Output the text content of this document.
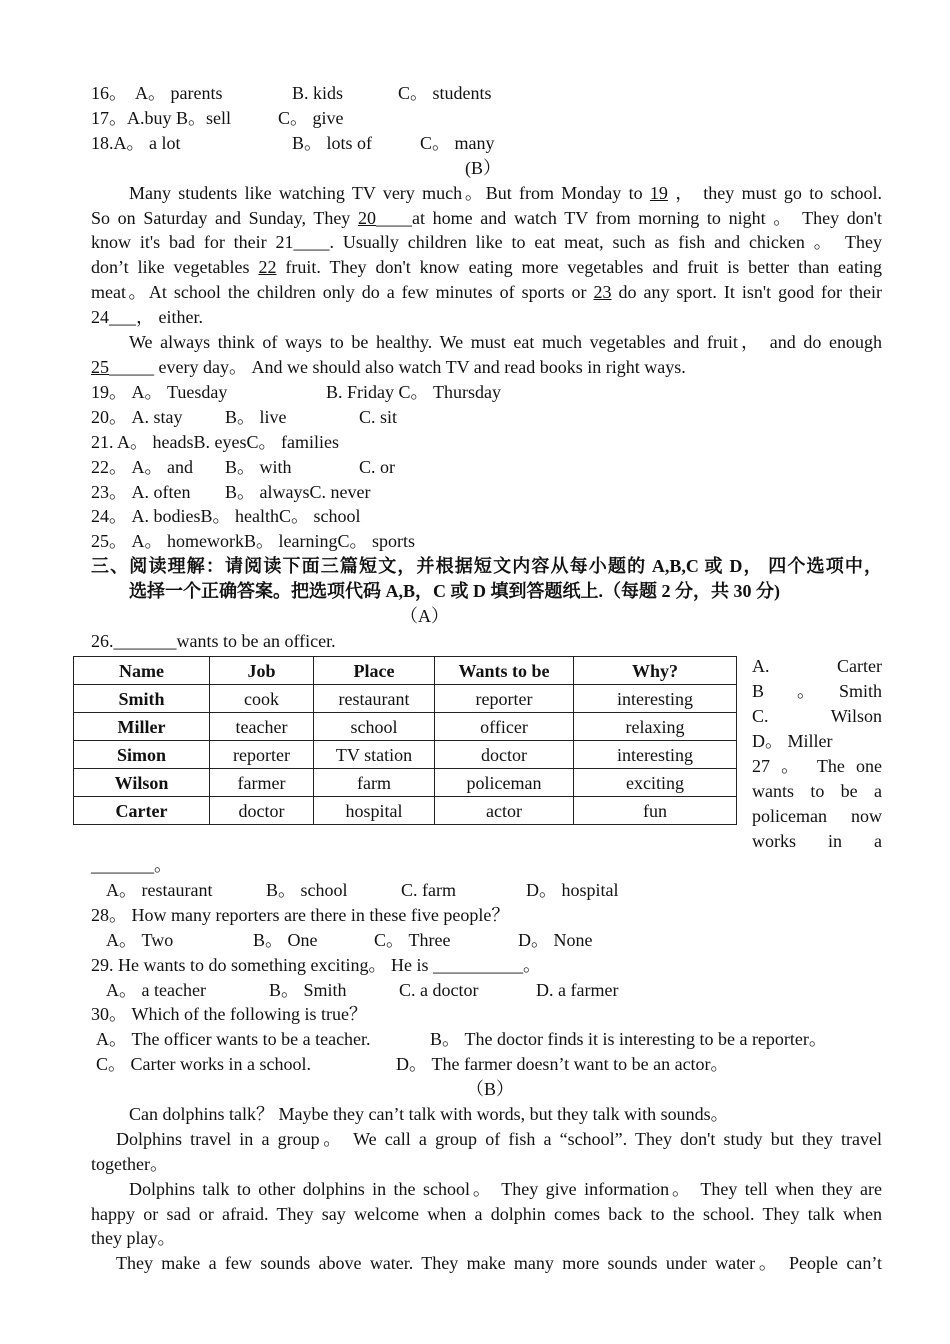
16。 A。 parents	B. kids	C。 students
17。A.buy B。sell	C。 give
18.A。 a lot	B。 lots of	C。 many
(B）
Many students like watching TV very much。But from Monday to 19 ， they must go to school.
So on Saturday and Sunday, They 20____at home and watch TV from morning to night 。 They don't
know it's bad for their 21____. Usually children like to eat meat, such as fish and chicken 。 They
don’t like vegetables 22 fruit. They don't know eating more vegetables and fruit is better than eating
meat。At school the children only do a few minutes of sports or 23 do any sport. It isn't good for their
24___， either.
We always think of ways to be healthy. We must eat much vegetables and fruit， and do enough
25_____ every day。 And we should also watch TV and read books in right ways.
19。 A。 Tuesday	B. Friday C。 Thursday
20。 A. stay B。 live	C. sit
21. A。 headsB. eyesC。 families
22。 A。 and B。 with	C. or
23。 A. often B。 alwaysC. never
24。 A. bodiesB。 healthC。 school
25。 A。 homeworkB。 learningC。 sports
三、阅读理解：请阅读下面三篇短文，并根据短文内容从每小题的 A,B,C 或 D， 四个选项中，
选择一个正确答案。把选项代码 A,B，C 或 D 填到答题纸上.（每题 2 分，共 30 分)
（A）
26._______wants to be an officer.
Name	Job	Place	Wants to be	Why?
Smith	cook	restaurant	reporter	interesting
Miller	teacher	school	officer	relaxing
Simon	reporter	TV station	doctor	interesting
Wilson	farmer	farm	policeman	exciting
Carter	doctor	hospital	actor	fun
A.　　Carter
B　。　Smith
C.　　Wilson
D。 Miller
27 。 The one
wants to be a
policeman now
works in a
_______。
A。 restaurant	B。 school	C. farm	D。 hospital
28。 How many reporters are there in these five people？
A。 Two	B。 One	C。 Three	D。 None
29. He wants to do something exciting。 He is __________。
A。 a teacher	B。 Smith	C. a doctor	D. a farmer
30。 Which of the following is true？
A。 The officer wants to be a teacher.	B。 The doctor finds it is interesting to be a reporter。
C。 Carter works in a school.	D。 The farmer doesn’t want to be an actor。
（B）
Can dolphins talk？ Maybe they can’t talk with words, but they talk with sounds。
Dolphins travel in a group。 We call a group of fish a “school”. They don't study but they travel
together。
Dolphins talk to other dolphins in the school。 They give information。 They tell when they are
happy or sad or afraid. They say welcome when a dolphin comes back to the school. They talk when
they play。
They make a few sounds above water. They make many more sounds under water。 People can’t
